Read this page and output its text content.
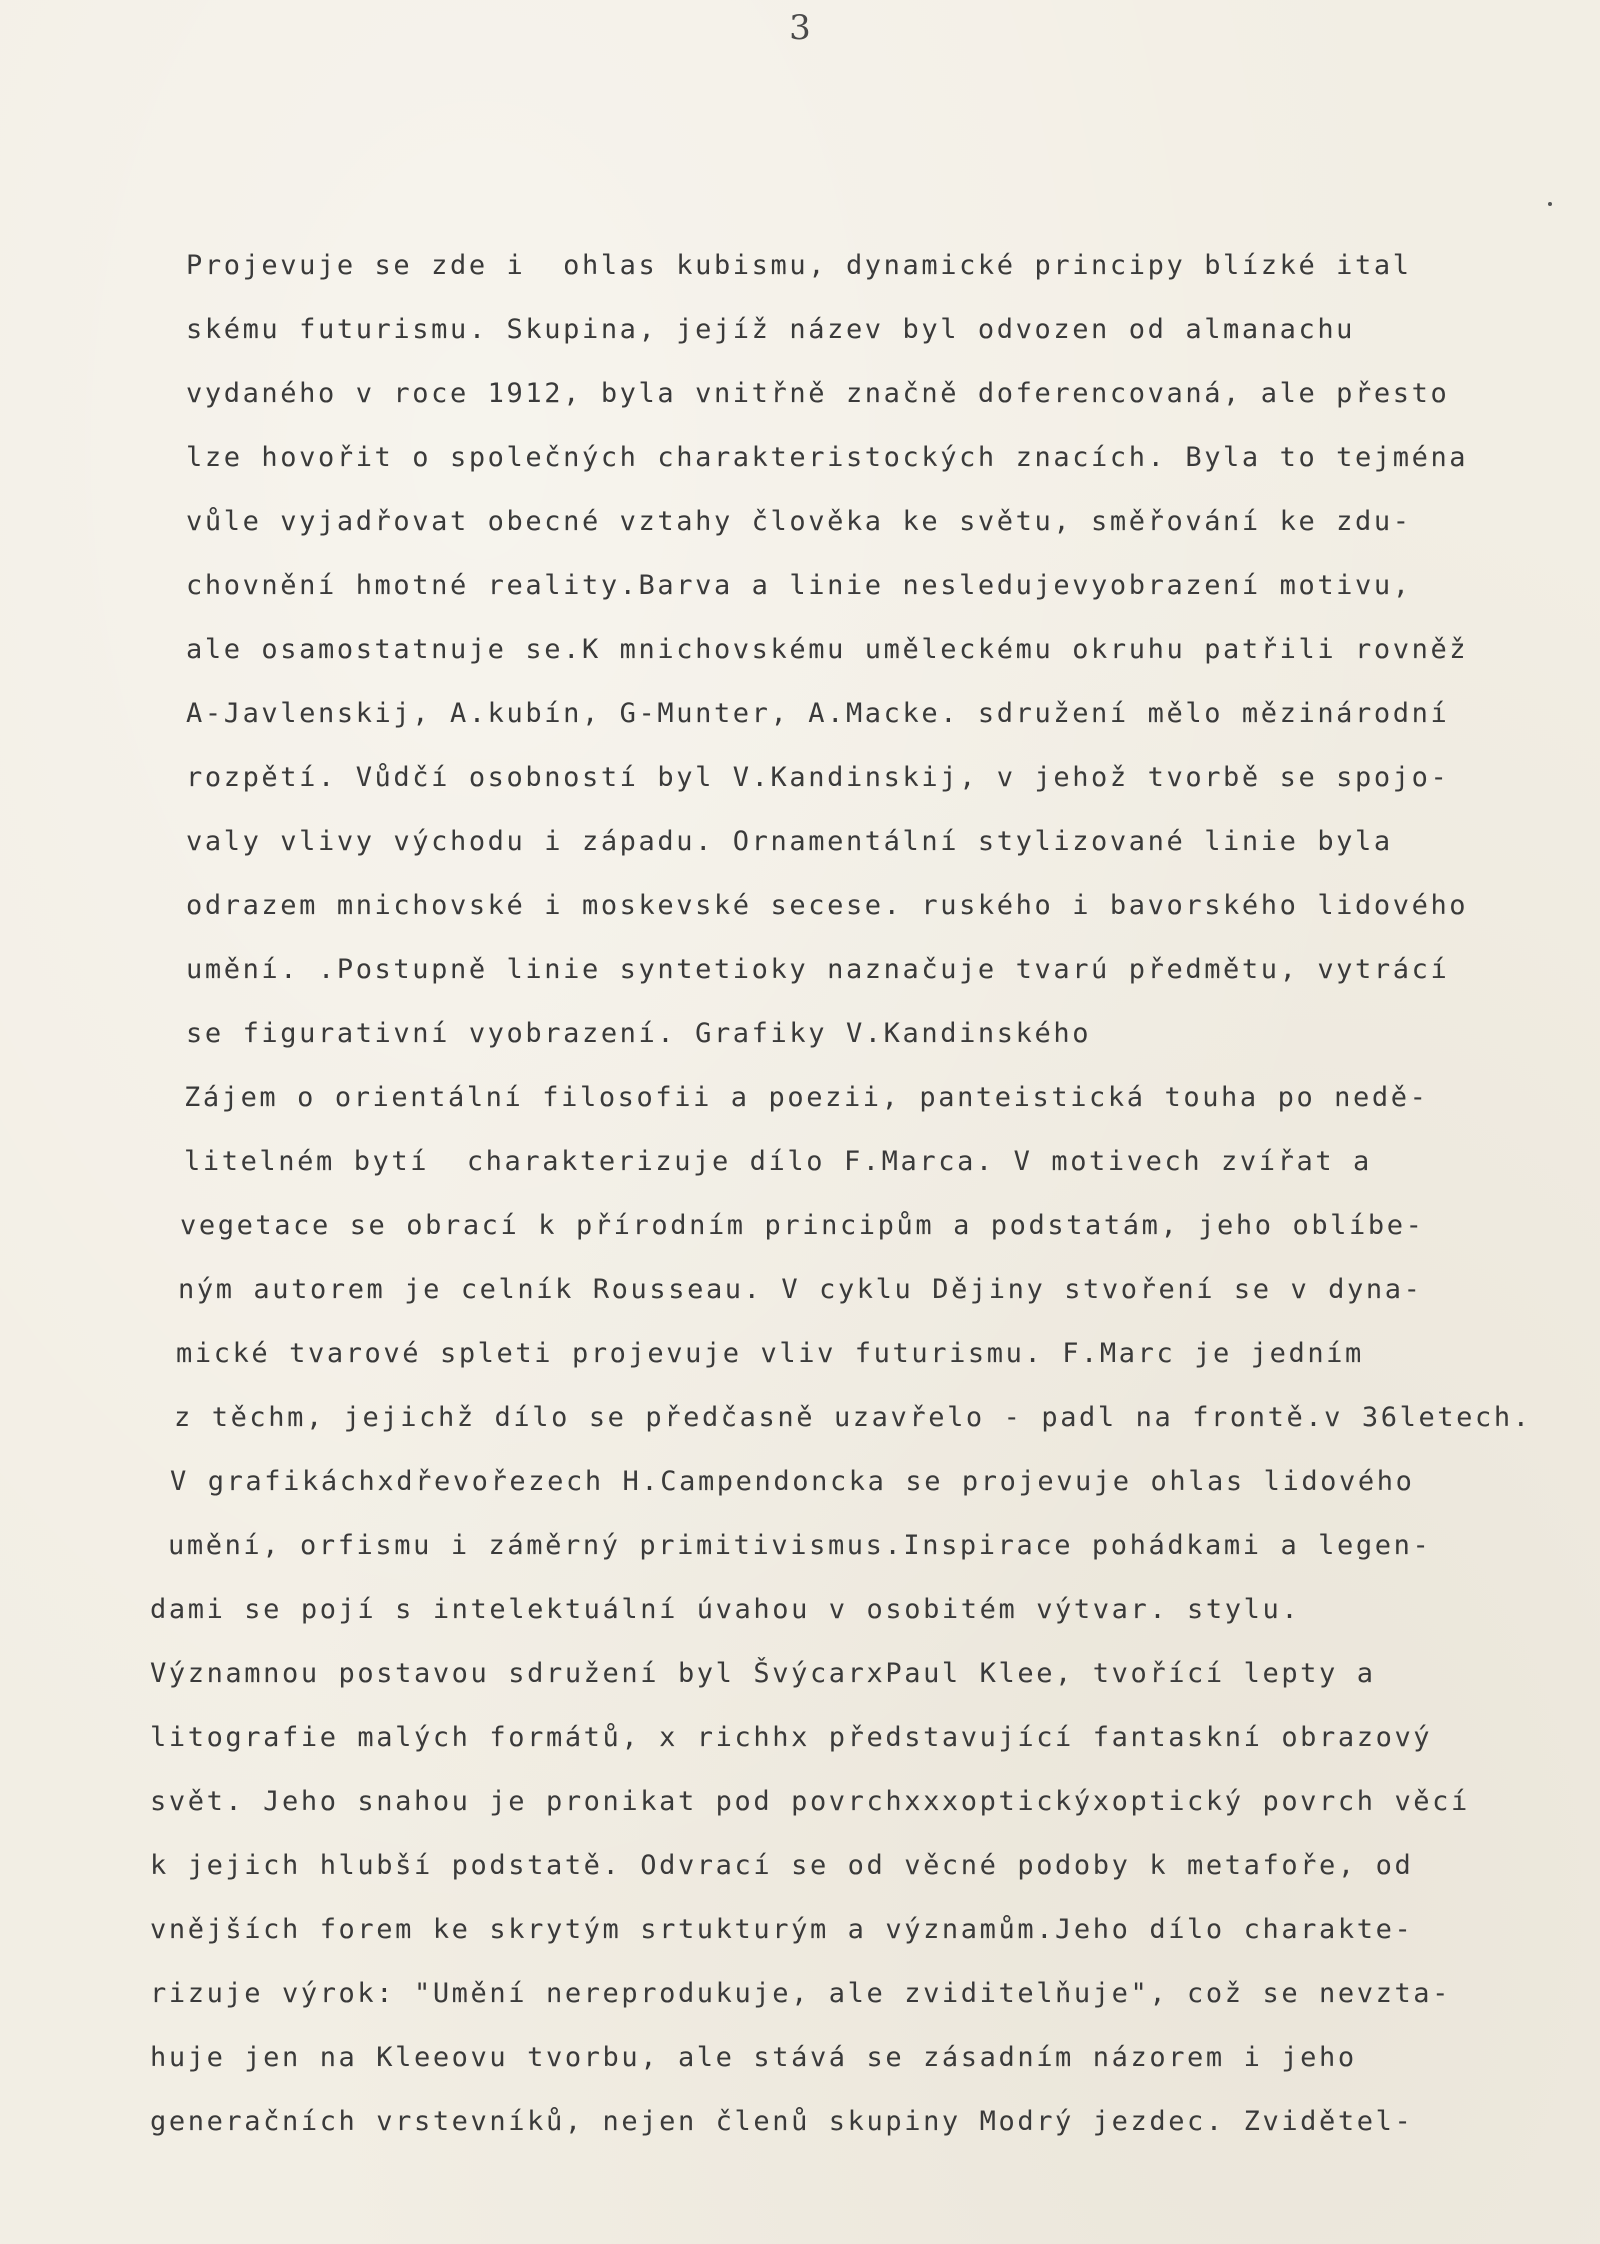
3
Projevuje se zde i  ohlas kubismu, dynamické principy blízké ital
skému futurismu. Skupina, jejíž název byl odvozen od almanachu
vydaného v roce 1912, byla vnitřně značně doferencovaná, ale přesto
lze hovořit o společných charakteristockých znacích. Byla to tejména
vůle vyjadřovat obecné vztahy člověka ke světu, směřování ke zdu-
chovnění hmotné reality.Barva a linie nesledujevyobrazení motivu,
ale osamostatnuje se.K mnichovskému uměleckému okruhu patřili rovněž
A-Javlenskij, A.kubín, G-Munter, A.Macke. sdružení mělo mězinárodní
rozpětí. Vůdčí osobností byl V.Kandinskij, v jehož tvorbě se spojo-
valy vlivy východu i západu. Ornamentální stylizované linie byla
odrazem mnichovské i moskevské secese. ruského i bavorského lidového
umění. .Postupně linie syntetioky naznačuje tvarú předmětu, vytrácí
se figurativní vyobrazení. Grafiky V.Kandinského
Zájem o orientální filosofii a poezii, panteistická touha po nedě-
litelném bytí  charakterizuje dílo F.Marca. V motivech zvířat a
vegetace se obrací k přírodním principům a podstatám, jeho oblíbe-
ným autorem je celník Rousseau. V cyklu Dějiny stvoření se v dyna-
mické tvarové spleti projevuje vliv futurismu. F.Marc je jedním
z těchm, jejichž dílo se předčasně uzavřelo - padl na frontě.v 36letech.
V grafikáchxdřevořezech H.Campendoncka se projevuje ohlas lidového
umění, orfismu i záměrný primitivismus.Inspirace pohádkami a legen-
dami se pojí s intelektuální úvahou v osobitém výtvar. stylu.
Významnou postavou sdružení byl ŠvýcarxPaul Klee, tvořící lepty a
litografie malých formátů, x richhx představující fantaskní obrazový
svět. Jeho snahou je pronikat pod povrchxxxoptickýxoptický povrch věcí
k jejich hlubší podstatě. Odvrací se od věcné podoby k metafoře, od
vnějších forem ke skrytým srtukturým a významům.Jeho dílo charakte-
rizuje výrok: "Umění nereprodukuje, ale zviditelňuje", což se nevzta-
huje jen na Kleeovu tvorbu, ale stává se zásadním názorem i jeho
generačních vrstevníků, nejen členů skupiny Modrý jezdec. Zvidětel-
